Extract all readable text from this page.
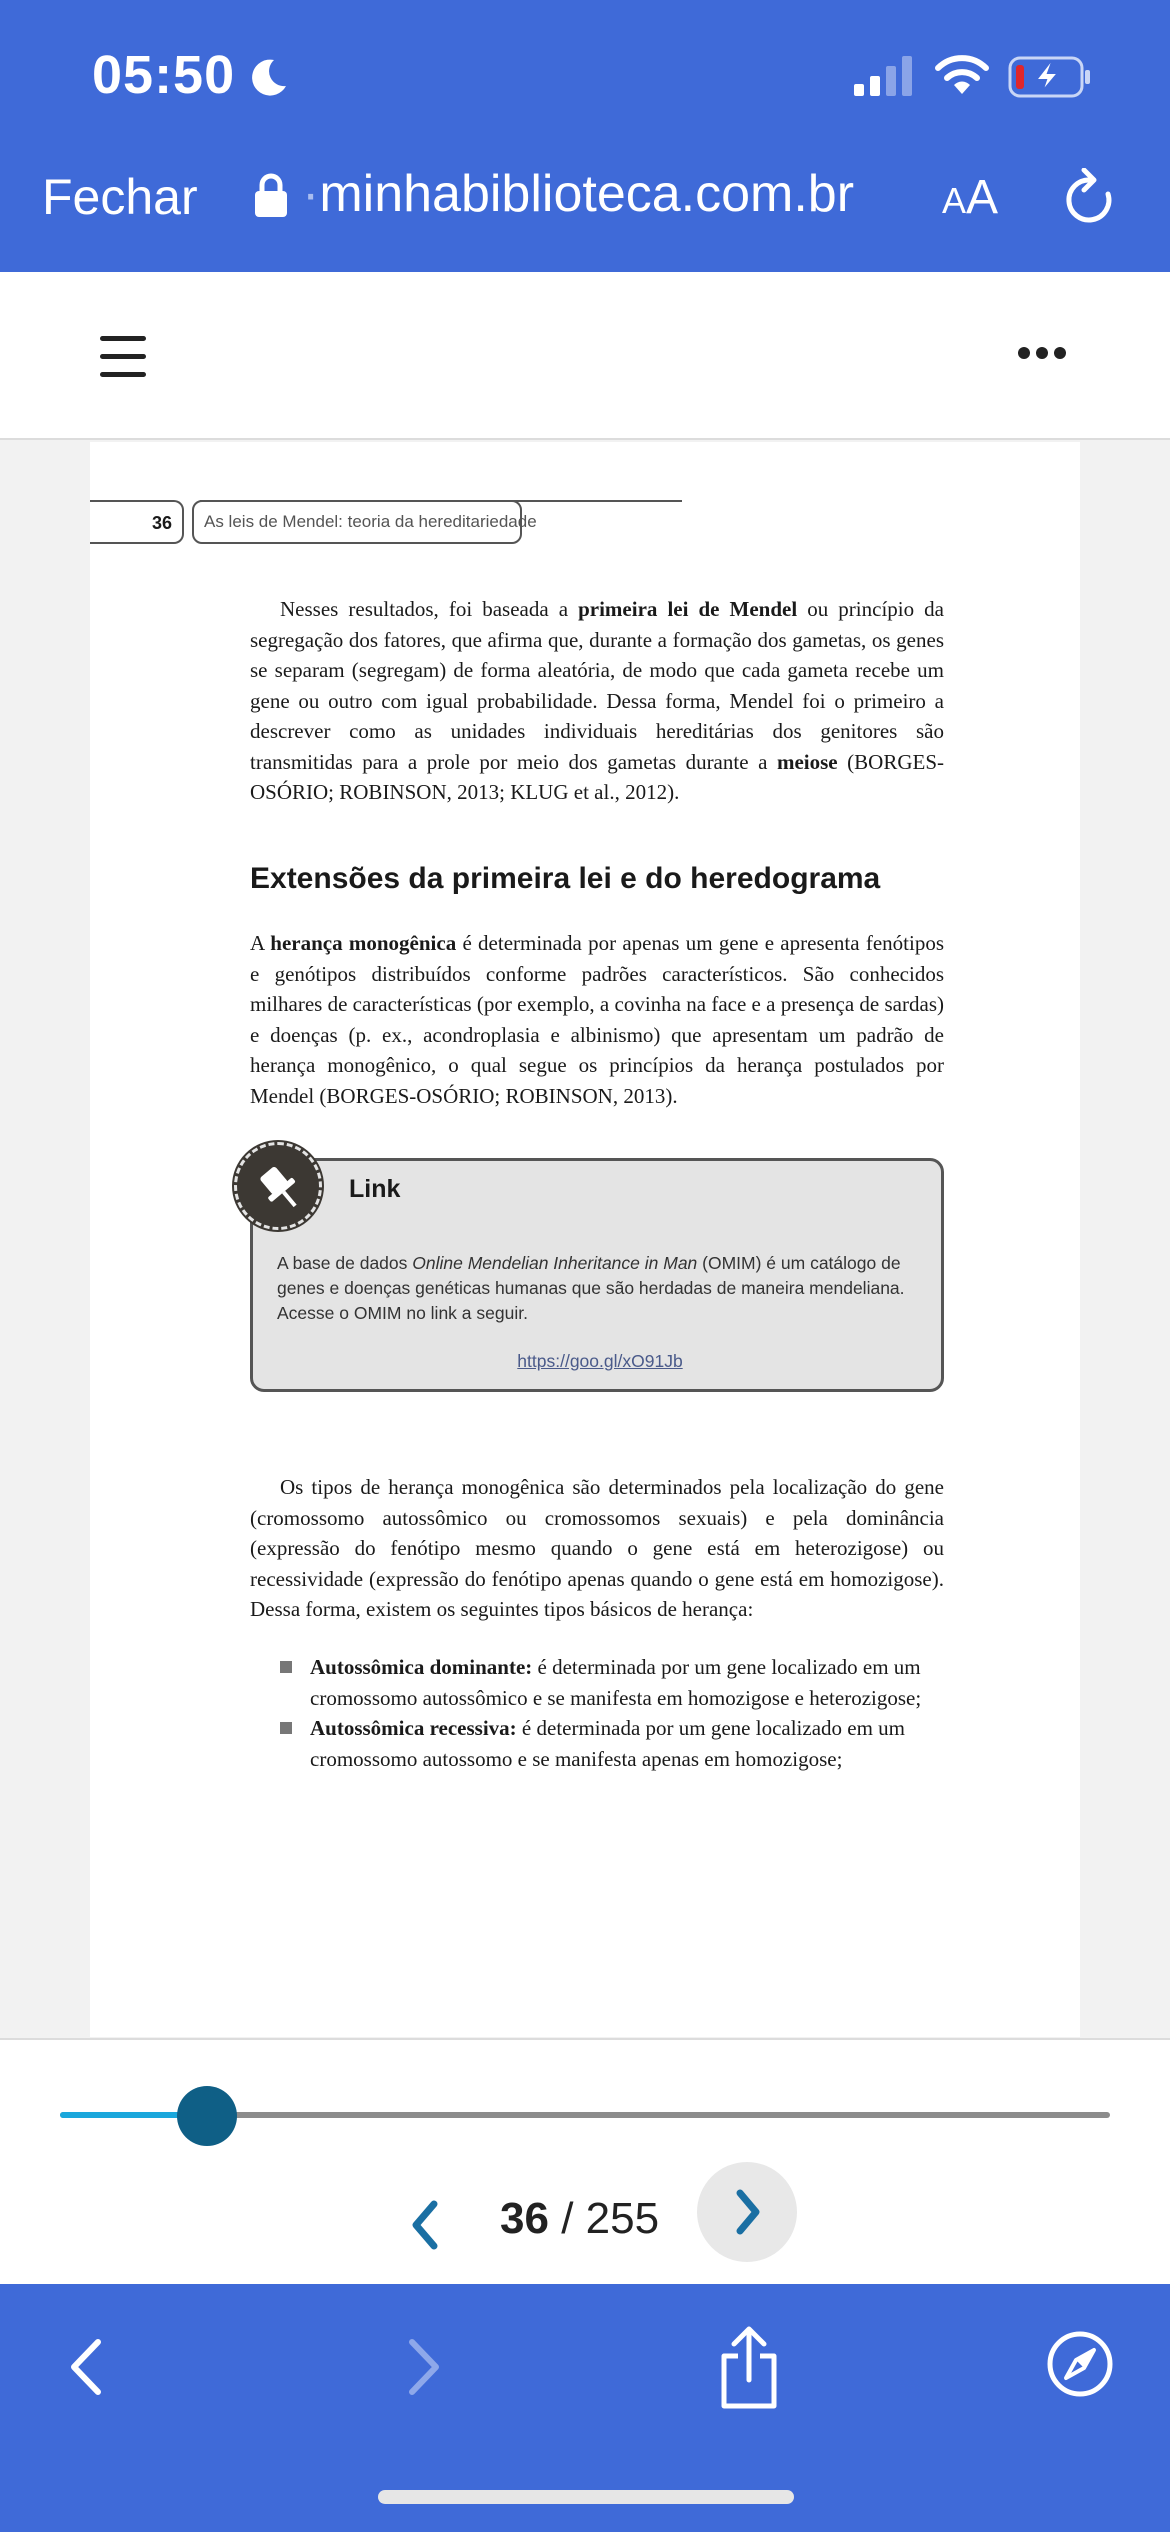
05:50
Fechar ·minhabiblioteca.com.br AA
36	As leis de Mendel: teoria da hereditariedade

Nesses resultados, foi baseada a primeira lei de Mendel ou princípio da segregação dos fatores, que afirma que, durante a formação dos gametas, os genes se separam (segregam) de forma aleatória, de modo que cada gameta recebe um gene ou outro com igual probabilidade. Dessa forma, Mendel foi o primeiro a descrever como as unidades individuais hereditárias dos genitores são transmitidas para a prole por meio dos gametas durante a meiose (BORGES-OSÓRIO; ROBINSON, 2013; KLUG et al., 2012).

Extensões da primeira lei e do heredograma

A herança monogênica é determinada por apenas um gene e apresenta fenótipos e genótipos distribuídos conforme padrões característicos. São conhecidos milhares de características (por exemplo, a covinha na face e a presença de sardas) e doenças (p. ex., acondroplasia e albinismo) que apresentam um padrão de herança monogênico, o qual segue os princípios da herança postulados por Mendel (BORGES-OSÓRIO; ROBINSON, 2013).

Link

A base de dados Online Mendelian Inheritance in Man (OMIM) é um catálogo de genes e doenças genéticas humanas que são herdadas de maneira mendeliana. Acesse o OMIM no link a seguir.

https://goo.gl/xO91Jb

Os tipos de herança monogênica são determinados pela localização do gene (cromossomo autossômico ou cromossomos sexuais) e pela dominância (expressão do fenótipo mesmo quando o gene está em heterozigose) ou recessividade (expressão do fenótipo apenas quando o gene está em homozigose). Dessa forma, existem os seguintes tipos básicos de herança:

Autossômica dominante: é determinada por um gene localizado em um cromossomo autossômico e se manifesta em homozigose e heterozigose;
Autossômica recessiva: é determinada por um gene localizado em um cromossomo autossomo e se manifesta apenas em homozigose;
36 / 255
